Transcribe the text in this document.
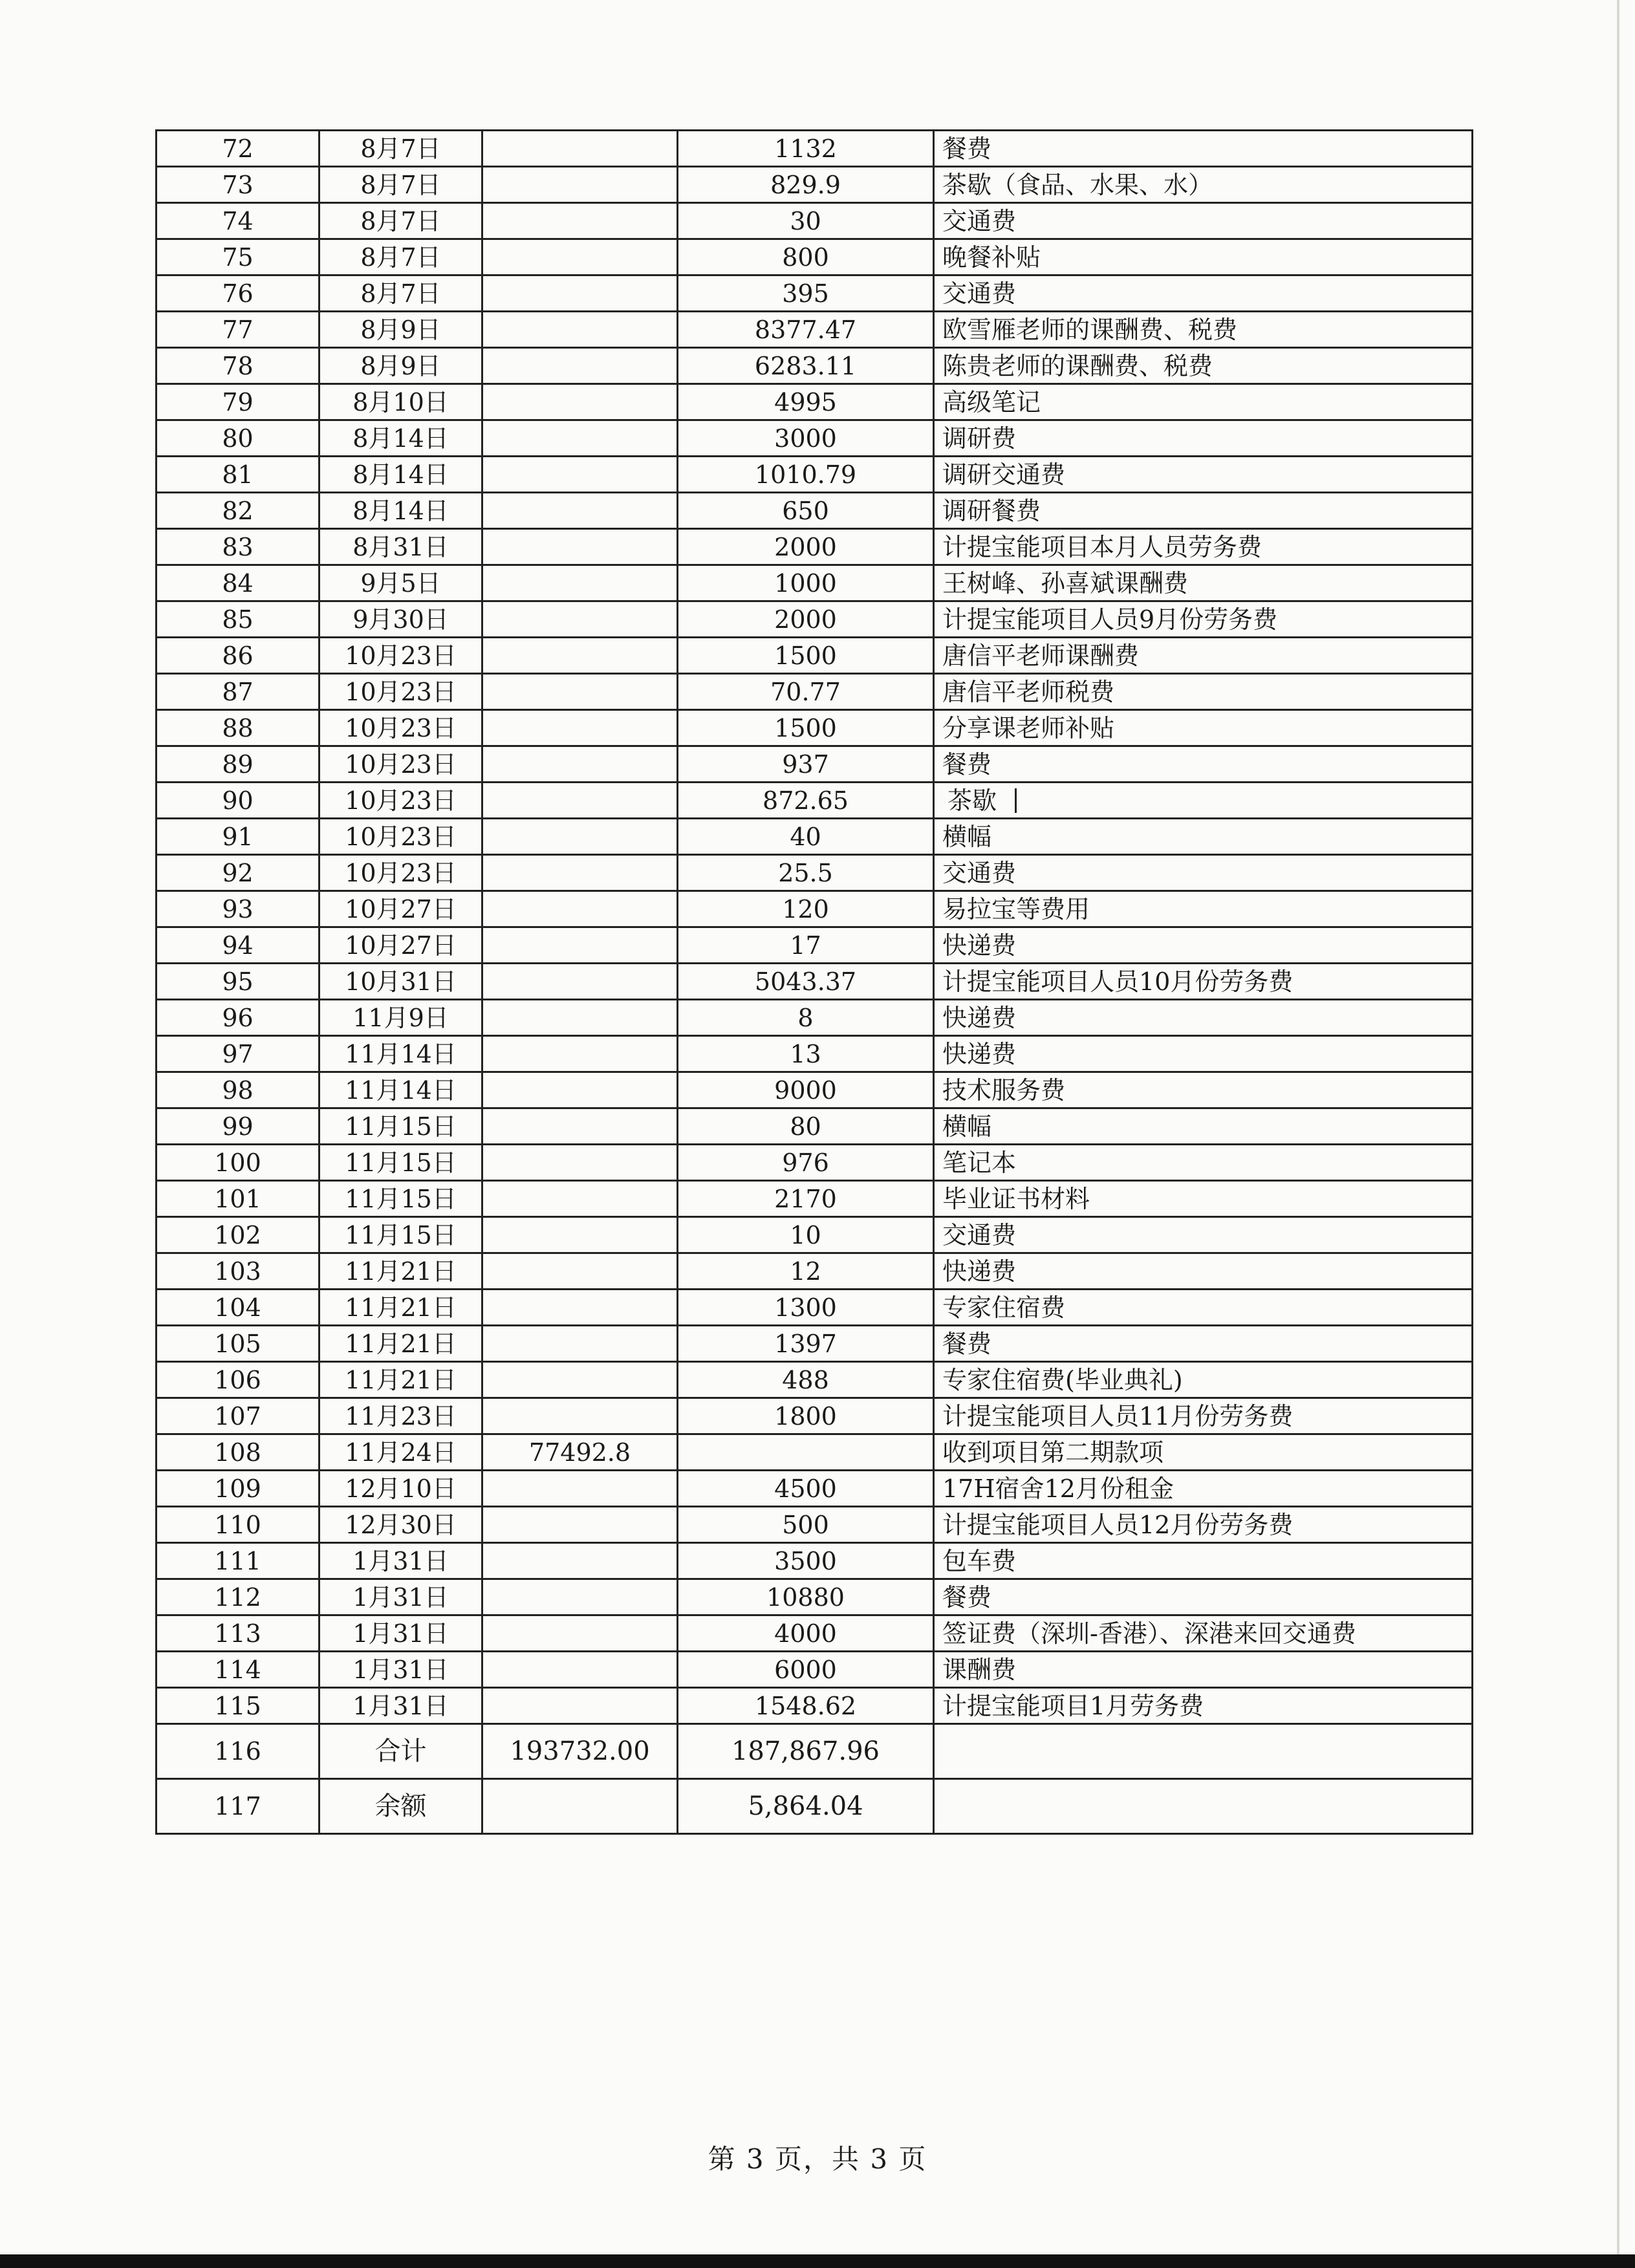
72	8月7日		1132	餐费
73	8月7日		829.9	茶歇（食品、水果、水）
74	8月7日		30	交通费
75	8月7日		800	晚餐补贴
76	8月7日		395	交通费
77	8月9日		8377.47	欧雪雁老师的课酬费、税费
78	8月9日		6283.11	陈贵老师的课酬费、税费
79	8月10日		4995	高级笔记
80	8月14日		3000	调研费
81	8月14日		1010.79	调研交通费
82	8月14日		650	调研餐费
83	8月31日		2000	计提宝能项目本月人员劳务费
84	9月5日		1000	王树峰、孙喜斌课酬费
85	9月30日		2000	计提宝能项目人员9月份劳务费
86	10月23日		1500	唐信平老师课酬费
87	10月23日		70.77	唐信平老师税费
88	10月23日		1500	分享课老师补贴
89	10月23日		937	餐费
90	10月23日		872.65	茶歇
91	10月23日		40	横幅
92	10月23日		25.5	交通费
93	10月27日		120	易拉宝等费用
94	10月27日		17	快递费
95	10月31日		5043.37	计提宝能项目人员10月份劳务费
96	11月9日		8	快递费
97	11月14日		13	快递费
98	11月14日		9000	技术服务费
99	11月15日		80	横幅
100	11月15日		976	笔记本
101	11月15日		2170	毕业证书材料
102	11月15日		10	交通费
103	11月21日		12	快递费
104	11月21日		1300	专家住宿费
105	11月21日		1397	餐费
106	11月21日		488	专家住宿费(毕业典礼)
107	11月23日		1800	计提宝能项目人员11月份劳务费
108	11月24日	77492.8		收到项目第二期款项
109	12月10日		4500	17H宿舍12月份租金
110	12月30日		500	计提宝能项目人员12月份劳务费
111	1月31日		3500	包车费
112	1月31日		10880	餐费
113	1月31日		4000	签证费（深圳-香港）、深港来回交通费
114	1月31日		6000	课酬费
115	1月31日		1548.62	计提宝能项目1月劳务费
116	合计	193732.00	187,867.96	
117	余额		5,864.04	
第 3 页，共 3 页
